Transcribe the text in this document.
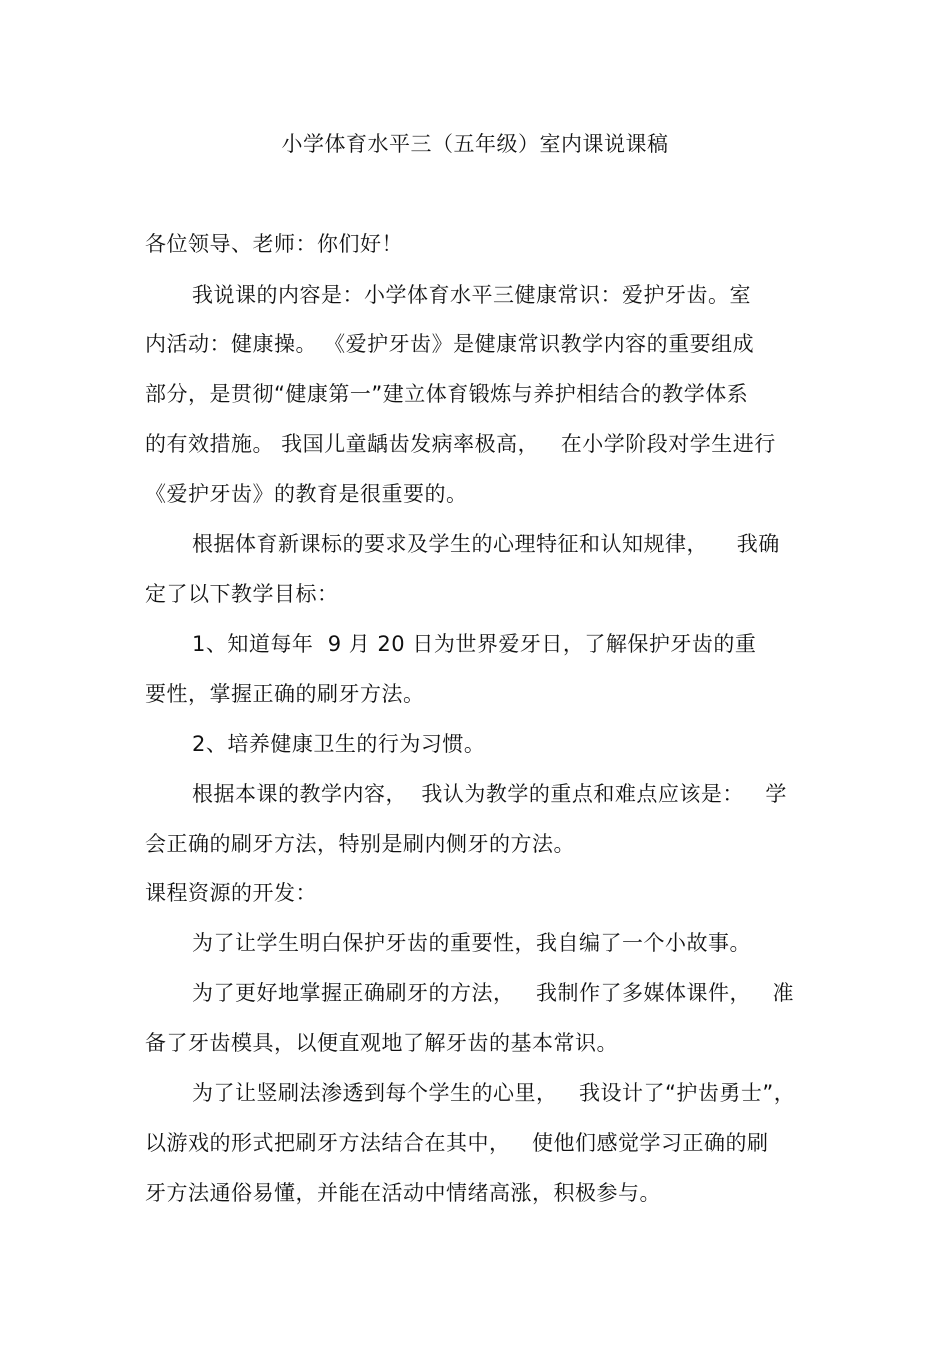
小学体育水平三（五年级）室内课说课稿
各位领导、老师：你们好！
我说课的内容是：小学体育水平三健康常识：爱护牙齿。室
内活动：健康操。 《爱护牙齿》是健康常识教学内容的重要组成
部分，是贯彻“健康第一”建立体育锻炼与养护相结合的教学体系
的有效措施。 我国儿童龋齿发病率极高，   在小学阶段对学生进行
《爱护牙齿》的教育是很重要的。
根据体育新课标的要求及学生的心理特征和认知规律，    我确
定了以下教学目标：
1、知道每年  9 月 20 日为世界爱牙日，了解保护牙齿的重
要性，掌握正确的刷牙方法。
2、培养健康卫生的行为习惯。
根据本课的教学内容，  我认为教学的重点和难点应该是：   学
会正确的刷牙方法，特别是刷内侧牙的方法。
课程资源的开发：
为了让学生明白保护牙齿的重要性，我自编了一个小故事。
为了更好地掌握正确刷牙的方法，   我制作了多媒体课件，   准
备了牙齿模具，以便直观地了解牙齿的基本常识。
为了让竖刷法渗透到每个学生的心里，   我设计了“护齿勇士”，
以游戏的形式把刷牙方法结合在其中，   使他们感觉学习正确的刷
牙方法通俗易懂，并能在活动中情绪高涨，积极参与。
